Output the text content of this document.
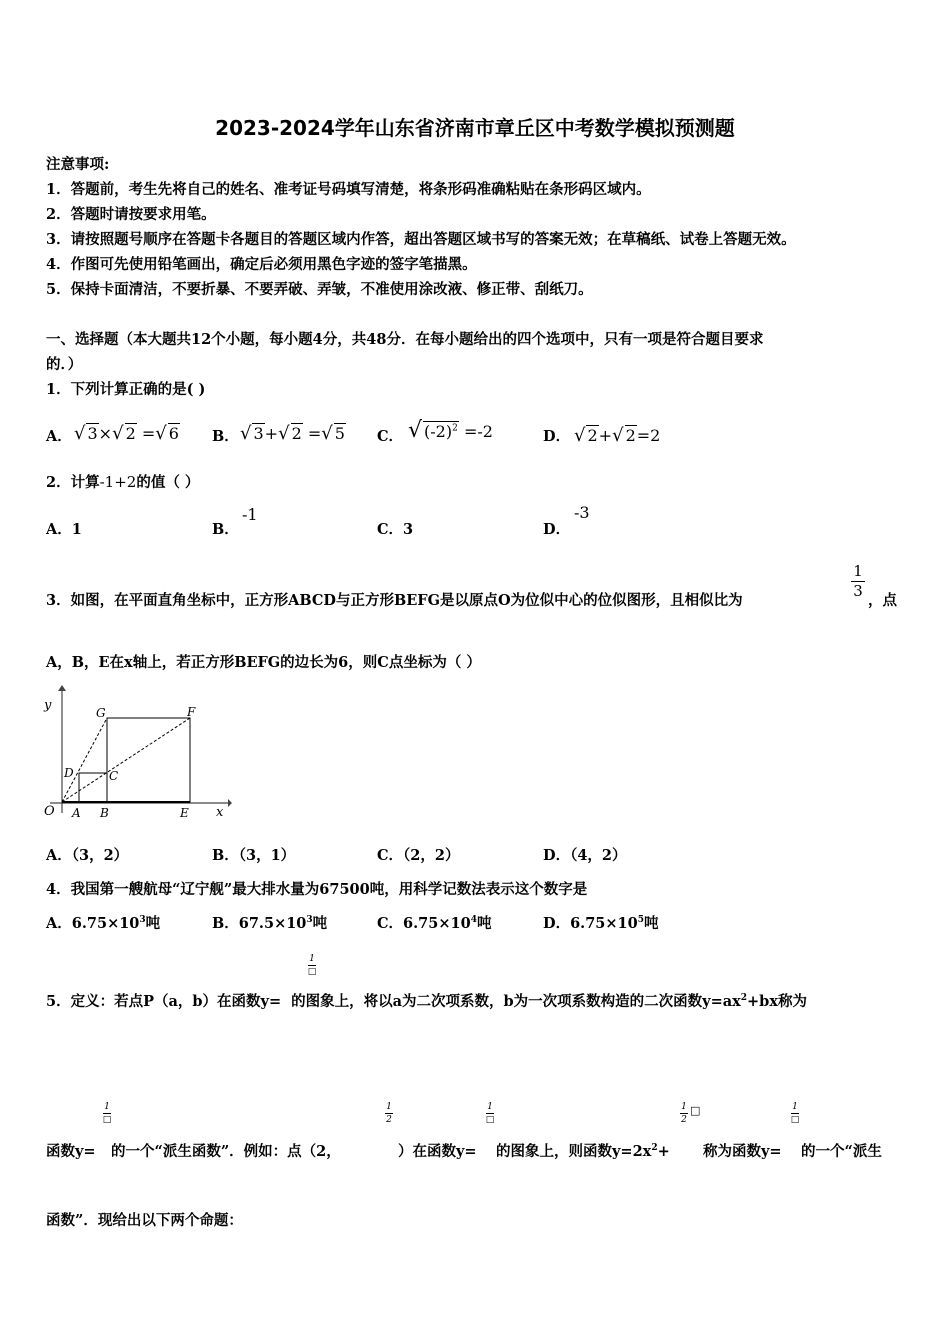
2023-2024学年山东省济南市章丘区中考数学模拟预测题
注意事项:
1．答题前，考生先将自己的姓名、准考证号码填写清楚，将条形码准确粘贴在条形码区域内。
2．答题时请按要求用笔。
3．请按照题号顺序在答题卡各题目的答题区域内作答，超出答题区域书写的答案无效；在草稿纸、试卷上答题无效。
4．作图可先使用铅笔画出，确定后必须用黑色字迹的签字笔描黑。
5．保持卡面清洁，不要折暴、不要弄破、弄皱，不准使用涂改液、修正带、刮纸刀。
一、选择题（本大题共12个小题，每小题4分，共48分．在每小题给出的四个选项中，只有一项是符合题目要求
的．）
1．下列计算正确的是( )
A． √ 3×√ 2 =√ 6 B． √ 3+√ 2 =√ 5 C． √ $(-2)^2 =-2$	D． √ 2+√ 2=2
2．计算-1+2的值（ ）
A．1	B．
-1
C．3	D．
-3
3．如图，在平面直角坐标中，正方形ABCD与正方形BEFG是以原点O为位似中心的位似图形，且相似比为
1
3
，点
A，B，E在x轴上，若正方形BEFG的边长为6，则C点坐标为（ ）
y
x
O A B	E
C
D
G	F
A．（3，2）	B．（3，1）	C．（2，2）	D．（4，2）
4．我国第一艘航母“辽宁舰”最大排水量为67500吨，用科学记数法表示这个数字是
A．$6.75\times 10^3$吨	B．$67.5\times 10^3$吨	C．$6.75\times 10^4$吨	D．$6.75\times 10^5$吨
1
□
5．定义：若点P（a，b）在函数y= 的图象上，将以a为二次项系数，b为一次项系数构造的二次函数$y=ax^2+bx$称为
1
□
1
2
1
□
1
2
□	1
□
函数y= 的一个“派生函数”．例如：点（2，	）在函数y= 的图象上，则函数$y=2x^2+$ 称为函数y= 的一个“派生
函数”．现给出以下两个命题：
